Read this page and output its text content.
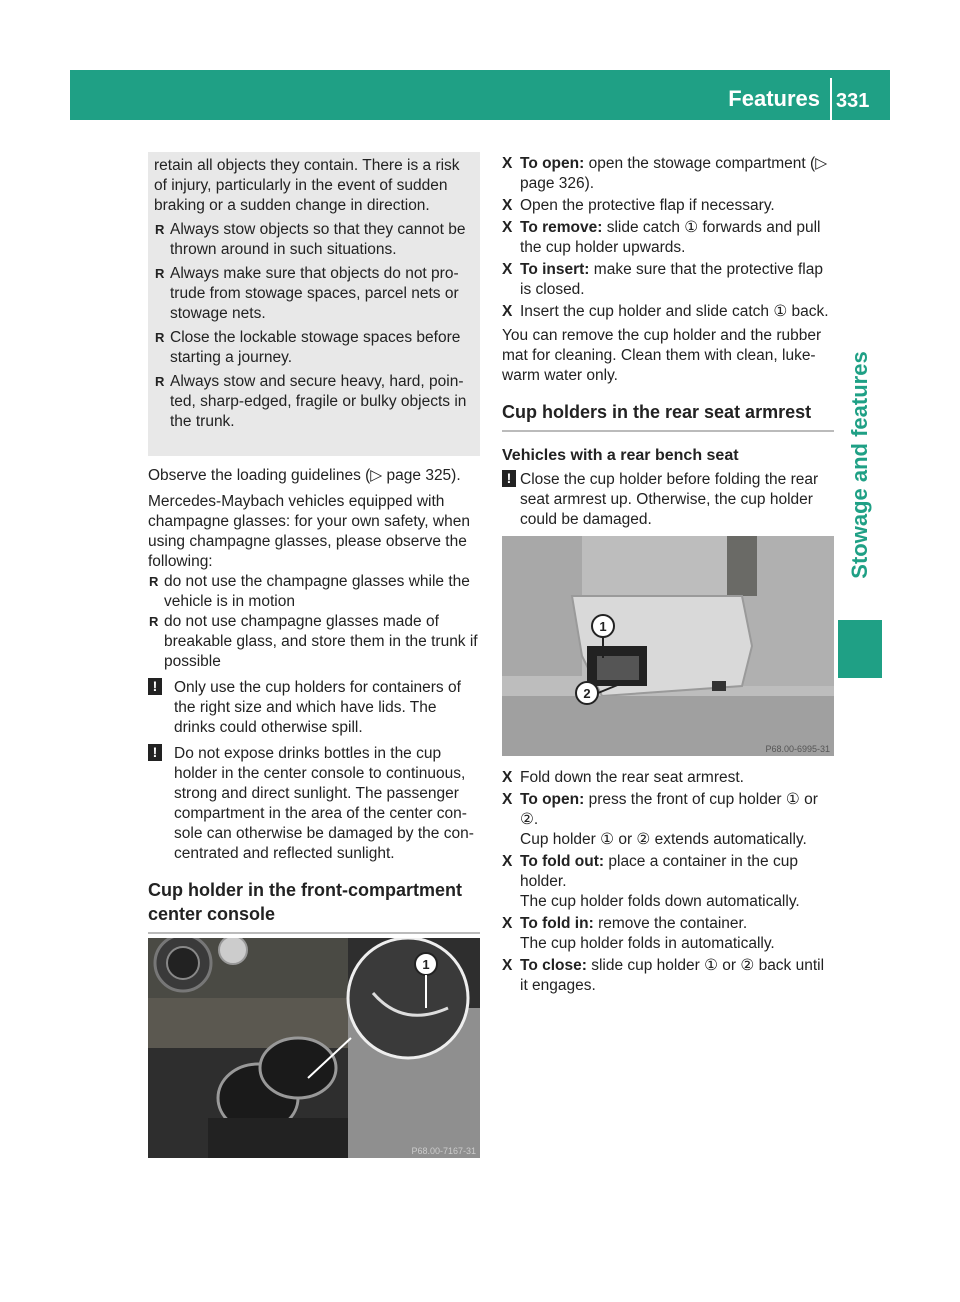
Features 331
Stowage and features

retain all objects they contain. There is a risk of injury, particularly in the event of sudden braking or a sudden change in direction.

R Always stow objects so that they cannot be thrown around in such situations.
R Always make sure that objects do not pro- trude from stowage spaces, parcel nets or stowage nets.
R Close the lockable stowage spaces before starting a journey.
R Always stow and secure heavy, hard, poin- ted, sharp-edged, fragile or bulky objects in the trunk.

Observe the loading guidelines (▷ page 325).

Mercedes-Maybach vehicles equipped with champagne glasses: for your own safety, when using champagne glasses, please observe the following:

R do not use the champagne glasses while the vehicle is in motion
R do not use champagne glasses made of breakable glass, and store them in the trunk if possible
!	Only use the cup holders for containers of the right size and which have lids. The drinks could otherwise spill.
!	Do not expose drinks bottles in the cup holder in the center console to continuous, strong and direct sunlight. The passenger compartment in the area of the center con- sole can otherwise be damaged by the con- centrated and reflected sunlight.
Cup holder in the front-compartment center console
1
P68.00-7167-31
X To open: open the stowage compartment (▷ page 326).
X Open the protective flap if necessary.
X To remove: slide catch ① forwards and pull the cup holder upwards.
X To insert: make sure that the protective flap is closed.
X Insert the cup holder and slide catch ① back.

You can remove the cup holder and the rubber mat for cleaning. Clean them with clean, luke- warm water only.

Cup holders in the rear seat armrest
Vehicles with a rear bench seat
! Close the cup holder before folding the rear seat armrest up. Otherwise, the cup holder could be damaged.
1
2
P68.00-6995-31
X Fold down the rear seat armrest.
X To open: press the front of cup holder ① or ②.
Cup holder ① or ② extends automatically.
X To fold out: place a container in the cup holder.
The cup holder folds down automatically.
X To fold in: remove the container.
The cup holder folds in automatically.
X To close: slide cup holder ① or ② back until it engages.
